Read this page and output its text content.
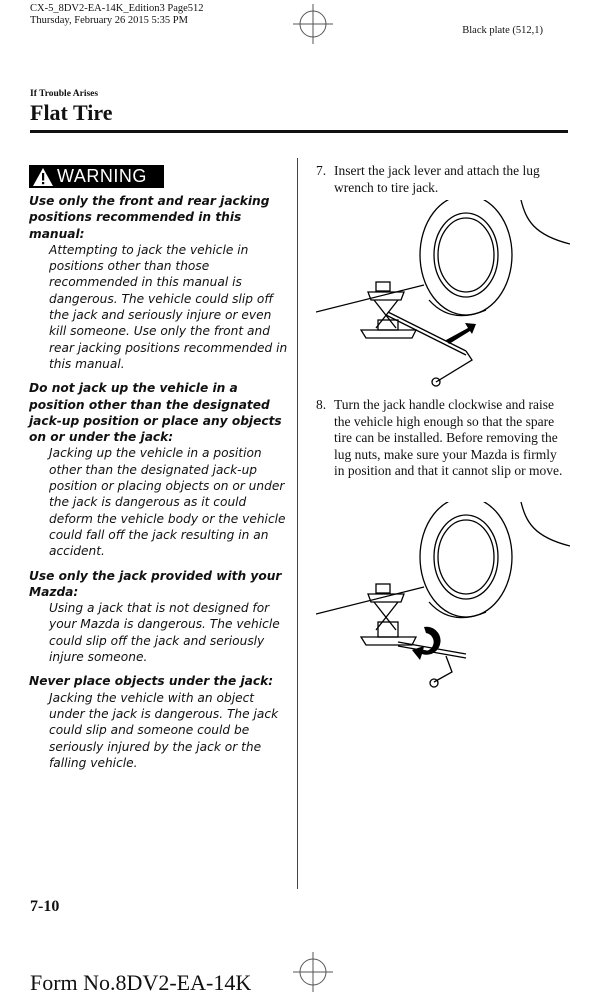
CX-5_8DV2-EA-14K_Edition3 Page512
Thursday, February 26 2015 5:35 PM
Black plate (512,1)
If Trouble Arises
Flat Tire
WARNING
Use only the front and rear jacking positions recommended in this manual:
Attempting to jack the vehicle in positions other than those recommended in this manual is dangerous. The vehicle could slip off the jack and seriously injure or even kill someone. Use only the front and rear jacking positions recommended in this manual.
Do not jack up the vehicle in a position other than the designated jack-up position or place any objects on or under the jack:
Jacking up the vehicle in a position other than the designated jack-up position or placing objects on or under the jack is dangerous as it could deform the vehicle body or the vehicle could fall off the jack resulting in an accident.
Use only the jack provided with your Mazda:
Using a jack that is not designed for your Mazda is dangerous. The vehicle could slip off the jack and seriously injure someone.
Never place objects under the jack:
Jacking the vehicle with an object under the jack is dangerous. The jack could slip and someone could be seriously injured by the jack or the falling vehicle.
7. Insert the jack lever and attach the lug wrench to tire jack.
8. Turn the jack handle clockwise and raise the vehicle high enough so that the spare tire can be installed. Before removing the lug nuts, make sure your Mazda is firmly in position and that it cannot slip or move.
7-10
Form No.8DV2-EA-14K
